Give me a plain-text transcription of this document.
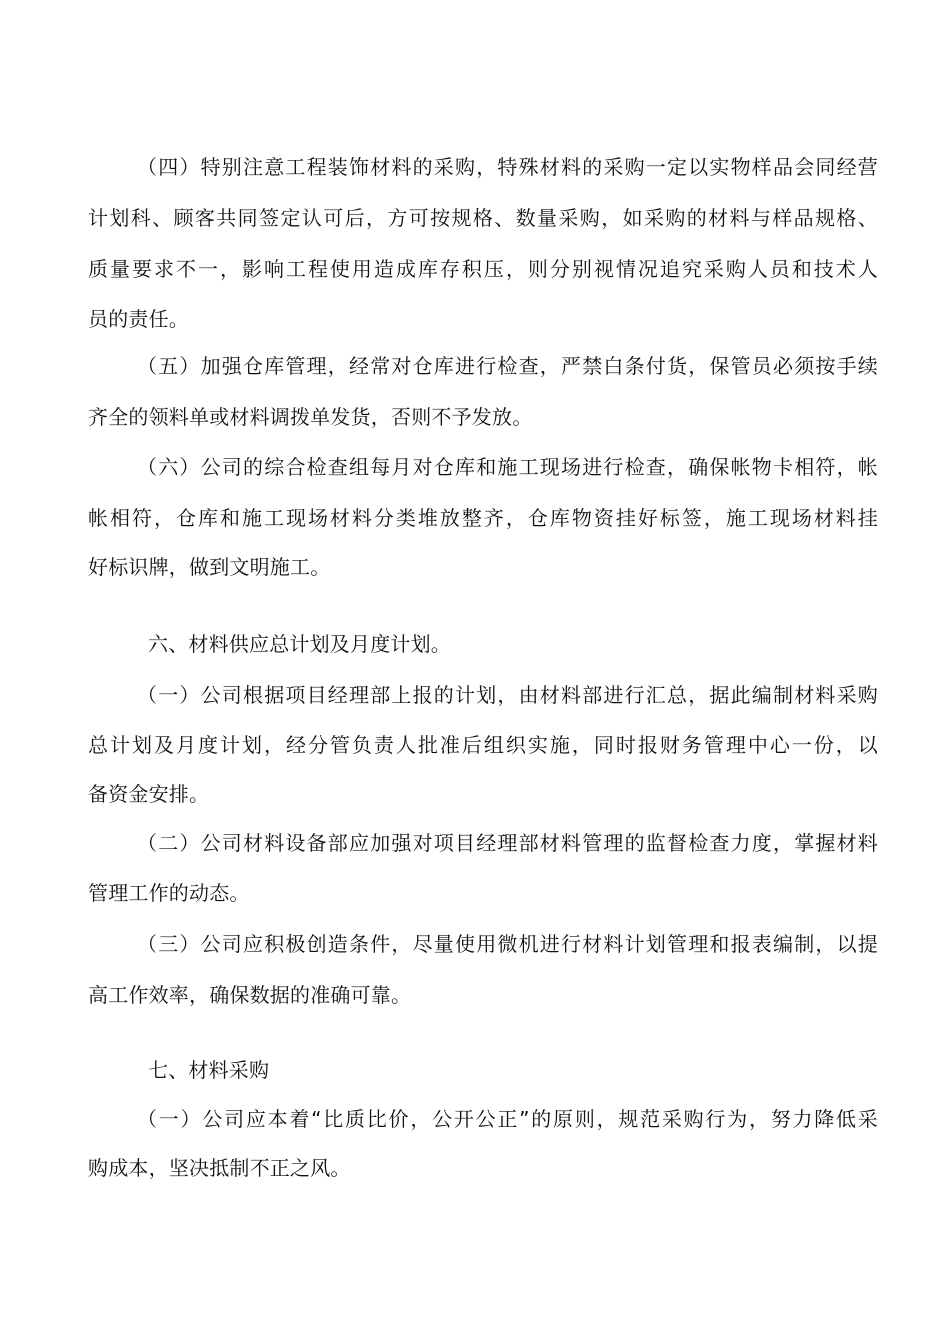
（四）特别注意工程装饰材料的采购，特殊材料的采购一定以实物样品会同经营
计划科、顾客共同签定认可后，方可按规格、数量采购，如采购的材料与样品规格、
质量要求不一，影响工程使用造成库存积压，则分别视情况追究采购人员和技术人
员的责任。
（五）加强仓库管理，经常对仓库进行检查，严禁白条付货，保管员必须按手续
齐全的领料单或材料调拨单发货，否则不予发放。
（六）公司的综合检查组每月对仓库和施工现场进行检查，确保帐物卡相符，帐
帐相符，仓库和施工现场材料分类堆放整齐，仓库物资挂好标签，施工现场材料挂
好标识牌，做到文明施工。
六、材料供应总计划及月度计划。
（一）公司根据项目经理部上报的计划，由材料部进行汇总，据此编制材料采购
总计划及月度计划，经分管负责人批准后组织实施，同时报财务管理中心一份，以
备资金安排。
（二）公司材料设备部应加强对项目经理部材料管理的监督检查力度，掌握材料
管理工作的动态。
（三）公司应积极创造条件，尽量使用微机进行材料计划管理和报表编制，以提
高工作效率，确保数据的准确可靠。
七、材料采购
（一）公司应本着“比质比价，公开公正”的原则，规范采购行为，努力降低采
购成本，坚决抵制不正之风。
